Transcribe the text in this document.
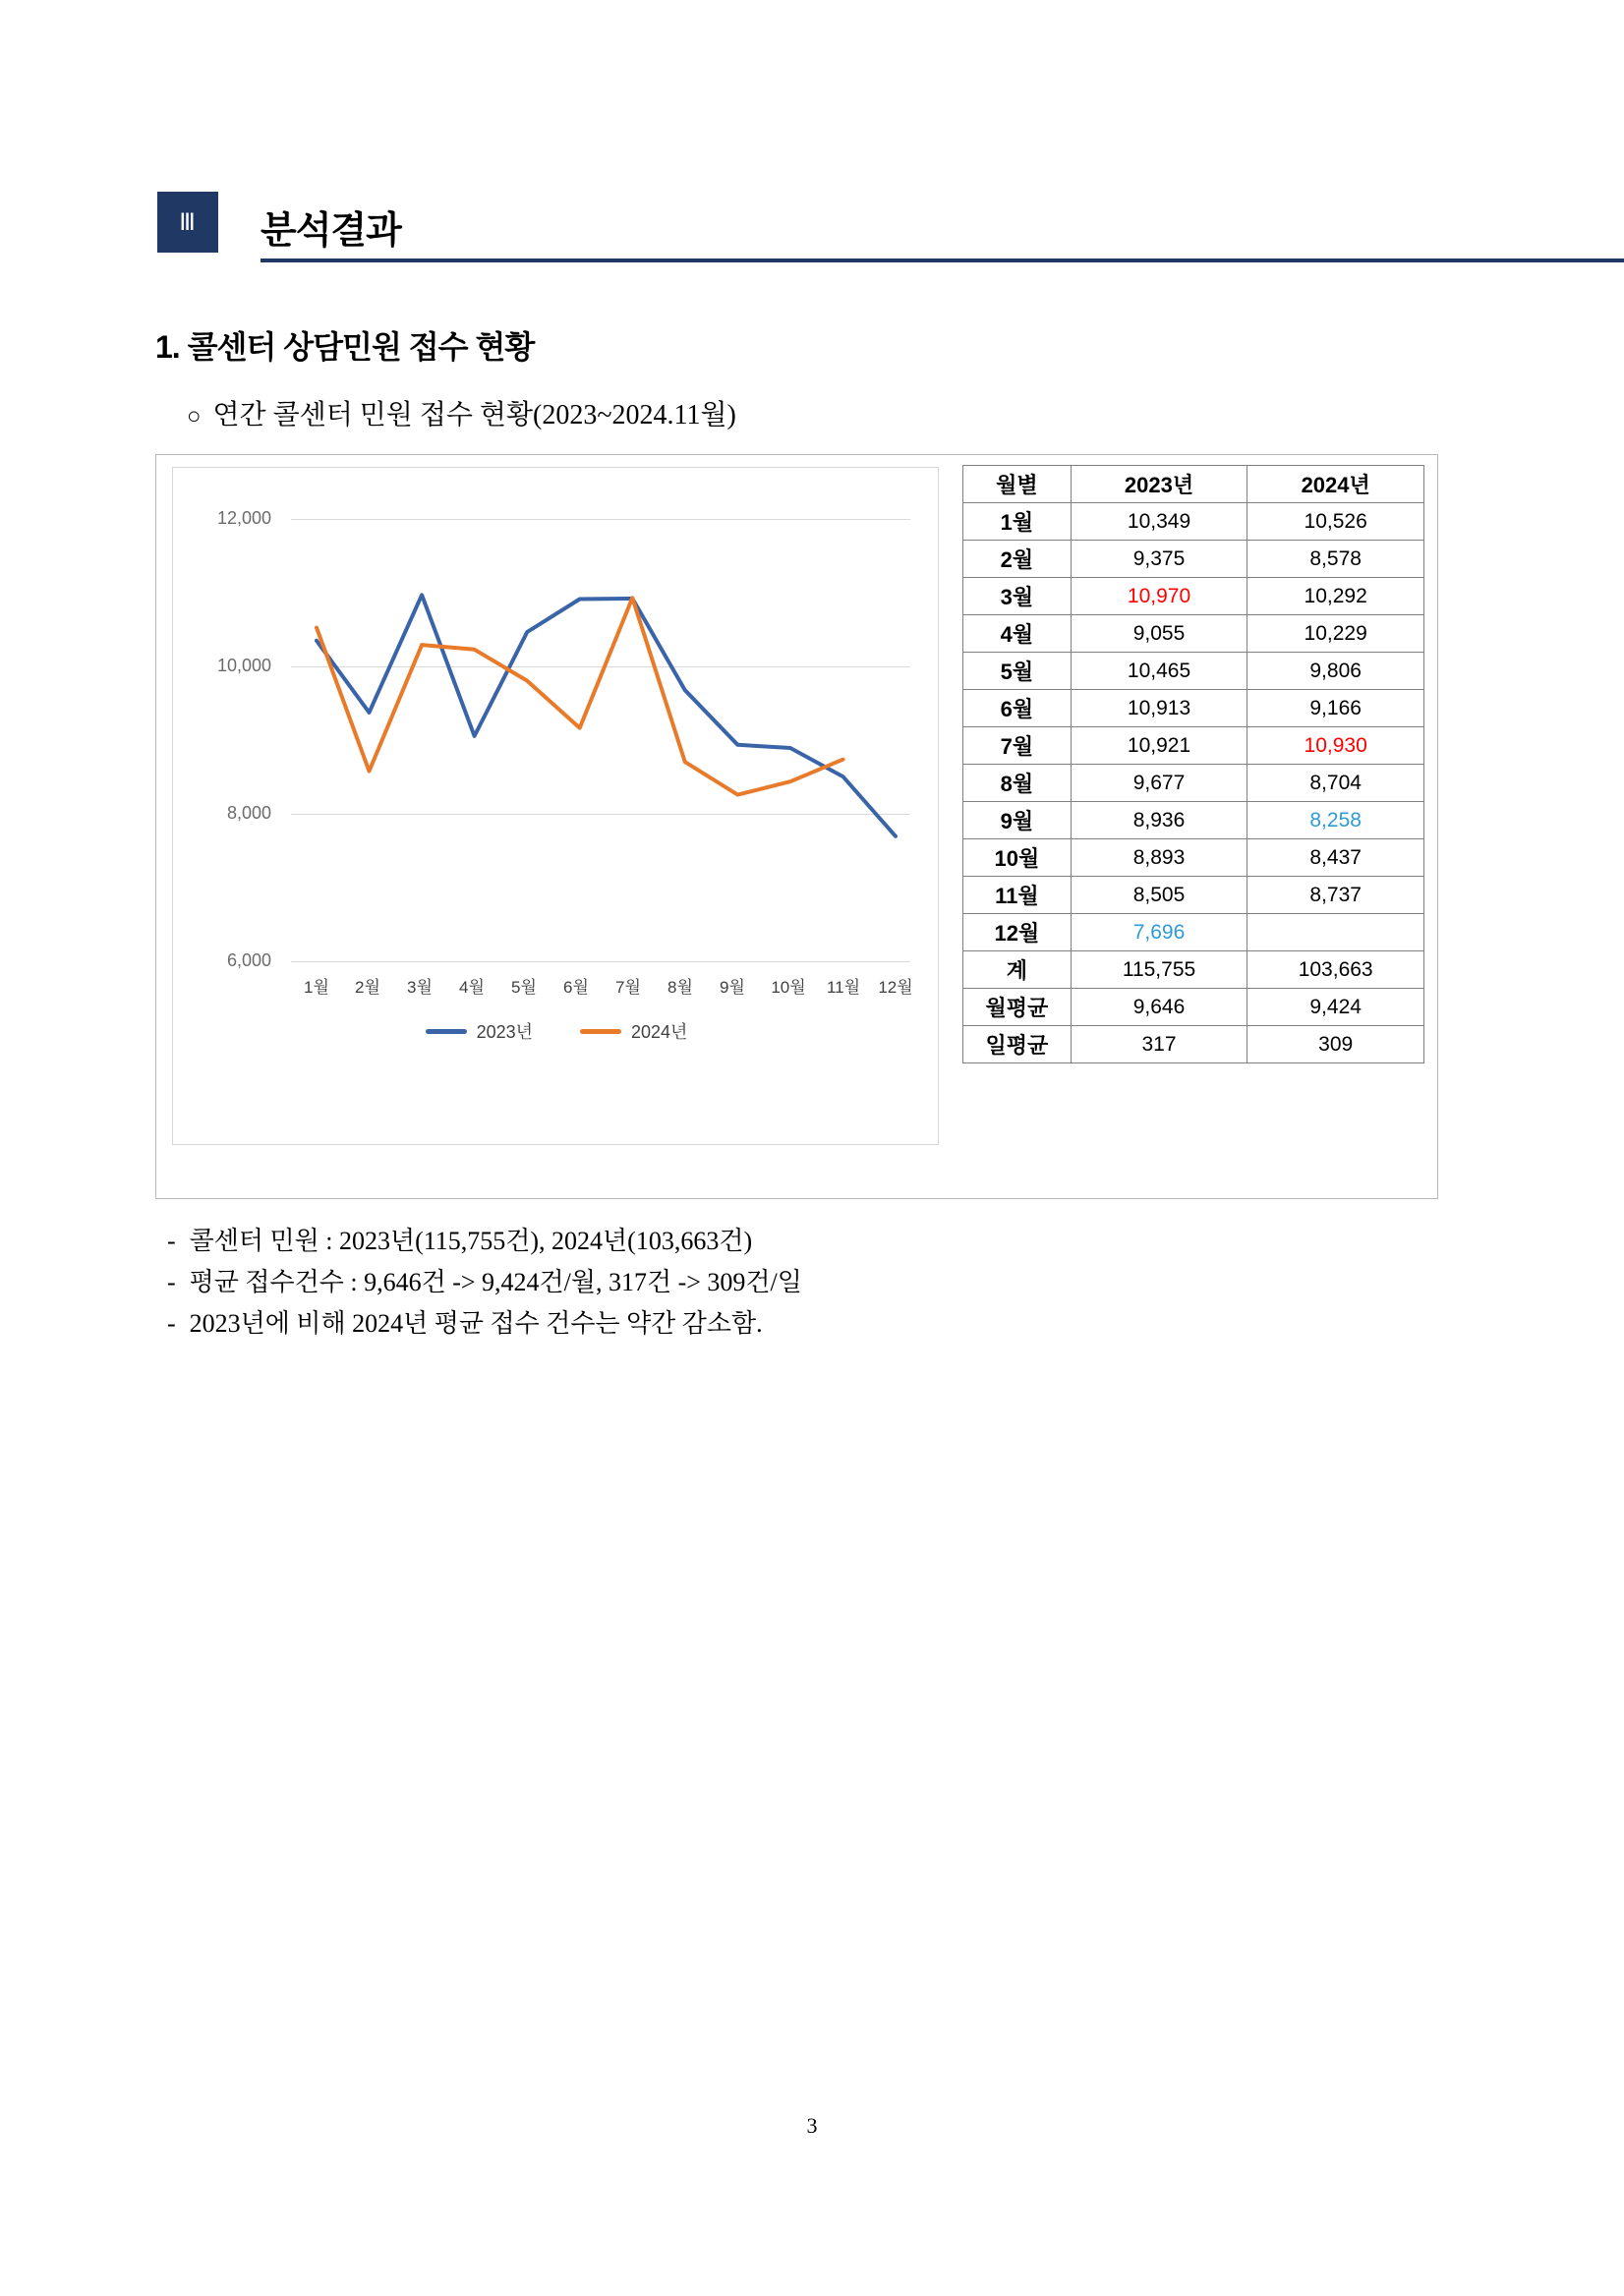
Ⅲ	분석결과
1. 콜센터 상담민원 접수 현황
○ 연간 콜센터 민원 접수 현황(2023~2024.11월)
12,000
10,000
8,000
6,000
1월 2월 3월 4월 5월 6월 7월 8월 9월 10월 11월 12월
2023년	2024년
월별	2023년	2024년
1월	10,349	10,526
2월	9,375	8,578
3월	10,970	10,292
4월	9,055	10,229
5월	10,465	9,806
6월	10,913	9,166
7월	10,921	10,930
8월	9,677	8,704
9월	8,936	8,258
10월	8,893	8,437
11월	8,505	8,737
12월	7,696	
계	115,755	103,663
월평균	9,646	9,424
일평균	317	309
- 콜센터 민원 : 2023년(115,755건), 2024년(103,663건)
- 평균 접수건수 : 9,646건 -> 9,424건/월, 317건 -> 309건/일
- 2023년에 비해 2024년 평균 접수 건수는 약간 감소함.
3
